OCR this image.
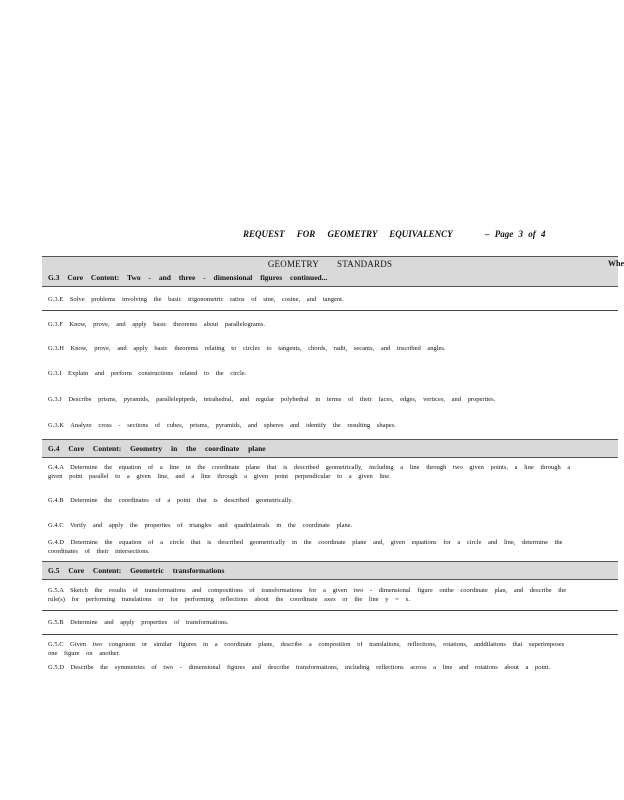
REQUEST FOR GEOMETRY EQUIVALENCY	– Page 3 of 4
GEOMETRY STANDARDS	Whe
G.3 Core Content: Two - and three - dimensional figures continued...
G.3.E Solve problems involving the basic trigonometric ratios of sine, cosine, and tangent.
G.3.F Know, prove, and apply basic theorems about parallelograms.
G.3.H Know, prove, and apply basic theorems relating to circles to tangents, chords, radii, secants, and inscribed angles.
G.3.I Explain and perform constructions related to the circle.
G.3.J Describe prisms, pyramids, parallelepipeds, tetrahedral, and regular polyhedral in terms of their faces, edges, vertices, and properties.
G.3.K Analyze cross - sections of cubes, prisms, pyramids, and spheres and identify the resulting shapes.
G.4 Core Content: Geometry in the coordinate plane
G.4.A Determine the equation of a line in the coordinate plane that is described geometrically, including a line through two given points, a line through a given point parallel to a given line, and a line through a given point perpendicular to a given line.
G.4.B Determine the coordinates of a point that is described geometrically.
G.4.C Verify and apply the properties of triangles and quadrilaterals in the coordinate plane.
G.4.D Determine the equation of a circle that is described geometrically in the coordinate plane and, given equations for a circle and line, determine the coordinates of their intersections.
G.5 Core Content: Geometric transformations
G.5.A Sketch the results of transformations and compositions of transformations for a given two - dimensional figure onthe coordinate plan, and describe the rule(s) for performing translations or for performing reflections about the coordinate axes or the line y = x.
G.5.B Determine and apply properties of transformations.
G.5.C Given two congruent or similar figures in a coordinate plane, describe a composition of translations, reflections, rotations, anddilations that superimposes one figure on another.
G.5.D Describe the symmetries of two - dimensional figures and describe transformations, including reflections across a line and rotations about a point.
